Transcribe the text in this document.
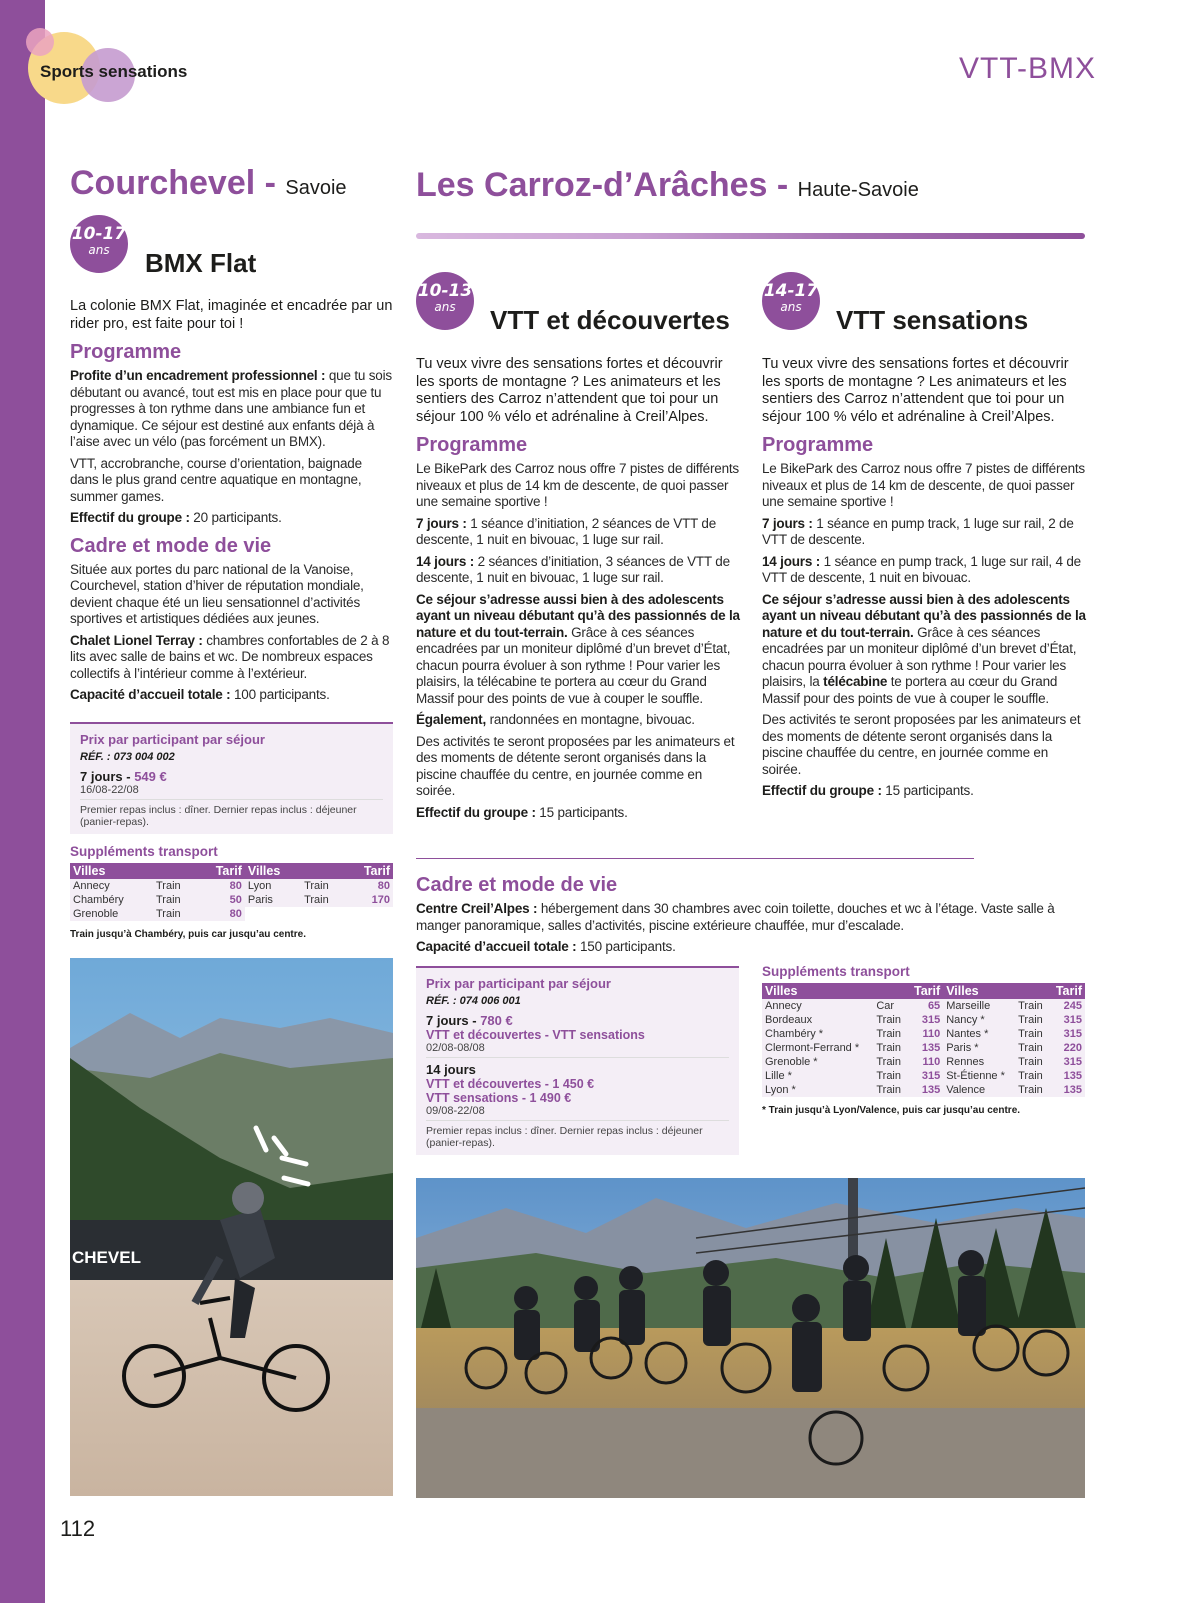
Sports sensations	VTT-BMX
Courchevel - Savoie
10-17
ans	BMX Flat
La colonie BMX Flat, imaginée et encadrée par un rider pro, est faite pour toi !
Programme

Profite d’un encadrement professionnel : que tu sois débutant ou avancé, tout est mis en place pour que tu progresses à ton rythme dans une ambiance fun et dynamique. Ce séjour est destiné aux enfants déjà à l’aise avec un vélo (pas forcément un BMX).

VTT, accrobranche, course d’orientation, baignade dans le plus grand centre aquatique en montagne, summer games.

Effectif du groupe : 20 participants.

Cadre et mode de vie

Située aux portes du parc national de la Vanoise, Courchevel, station d’hiver de réputation mondiale, devient chaque été un lieu sensationnel d’activités sportives et artistiques dédiées aux jeunes.

Chalet Lionel Terray : chambres confortables de 2 à 8 lits avec salle de bains et wc. De nombreux espaces collectifs à l’intérieur comme à l’extérieur.

Capacité d’accueil totale : 100 participants.

Prix par participant par séjour
RÉF. : 073 004 002
7 jours - 549 €
16/08-22/08
Premier repas inclus : dîner. Dernier repas inclus : déjeuner (panier-repas).
Suppléments transport
Villes		Tarif	Villes		Tarif
Annecy	Train	80	Lyon	Train	80
Chambéry	Train	50	Paris	Train	170
Grenoble	Train	80			
Train jusqu’à Chambéry, puis car jusqu’au centre.
CHEVEL
Les Carroz-d’Arâches - Haute-Savoie
10-13
ans	VTT et découvertes
Tu veux vivre des sensations fortes et découvrir les sports de montagne ? Les animateurs et les sentiers des Carroz n’attendent que toi pour un séjour 100 % vélo et adrénaline à Creil’Alpes.
Programme

Le BikePark des Carroz nous offre 7 pistes de différents niveaux et plus de 14 km de descente, de quoi passer une semaine sportive !

7 jours : 1 séance d’initiation, 2 séances de VTT de descente, 1 nuit en bivouac, 1 luge sur rail.

14 jours : 2 séances d’initiation, 3 séances de VTT de descente, 1 nuit en bivouac, 1 luge sur rail.

Ce séjour s’adresse aussi bien à des adolescents ayant un niveau débutant qu’à des passionnés de la nature et du tout-terrain. Grâce à ces séances encadrées par un moniteur diplômé d’un brevet d’État, chacun pourra évoluer à son rythme ! Pour varier les plaisirs, la télécabine te portera au cœur du Grand Massif pour des points de vue à couper le souffle.

Également, randonnées en montagne, bivouac.

Des activités te seront proposées par les animateurs et des moments de détente seront organisés dans la piscine chauffée du centre, en journée comme en soirée.

Effectif du groupe : 15 participants.

14-17
ans	VTT sensations
Tu veux vivre des sensations fortes et découvrir les sports de montagne ? Les animateurs et les sentiers des Carroz n’attendent que toi pour un séjour 100 % vélo et adrénaline à Creil’Alpes.
Programme

Le BikePark des Carroz nous offre 7 pistes de différents niveaux et plus de 14 km de descente, de quoi passer une semaine sportive !

7 jours : 1 séance en pump track, 1 luge sur rail, 2 de VTT de descente.

14 jours : 1 séance en pump track, 1 luge sur rail, 4 de VTT de descente, 1 nuit en bivouac.

Ce séjour s’adresse aussi bien à des adolescents ayant un niveau débutant qu’à des passionnés de la nature et du tout-terrain. Grâce à ces séances encadrées par un moniteur diplômé d’un brevet d’État, chacun pourra évoluer à son rythme ! Pour varier les plaisirs, la télécabine te portera au cœur du Grand Massif pour des points de vue à couper le souffle.

Des activités te seront proposées par les animateurs et des moments de détente seront organisés dans la piscine chauffée du centre, en journée comme en soirée.

Effectif du groupe : 15 participants.

Cadre et mode de vie

Centre Creil’Alpes : hébergement dans 30 chambres avec coin toilette, douches et wc à l’étage. Vaste salle à manger panoramique, salles d’activités, piscine extérieure chauffée, mur d’escalade.

Capacité d’accueil totale : 150 participants.

Prix par participant par séjour
RÉF. : 074 006 001
7 jours - 780 €
VTT et découvertes - VTT sensations
02/08-08/08
14 jours
VTT et découvertes - 1 450 €
VTT sensations - 1 490 €
09/08-22/08
Premier repas inclus : dîner. Dernier repas inclus : déjeuner (panier-repas).
Suppléments transport
Villes		Tarif	Villes		Tarif
Annecy	Car	65	Marseille	Train	245
Bordeaux	Train	315	Nancy *	Train	315
Chambéry *	Train	110	Nantes *	Train	315
Clermont-Ferrand *	Train	135	Paris *	Train	220
Grenoble *	Train	110	Rennes	Train	315
Lille *	Train	315	St-Étienne *	Train	135
Lyon *	Train	135	Valence	Train	135
* Train jusqu’à Lyon/Valence, puis car jusqu’au centre.
112
